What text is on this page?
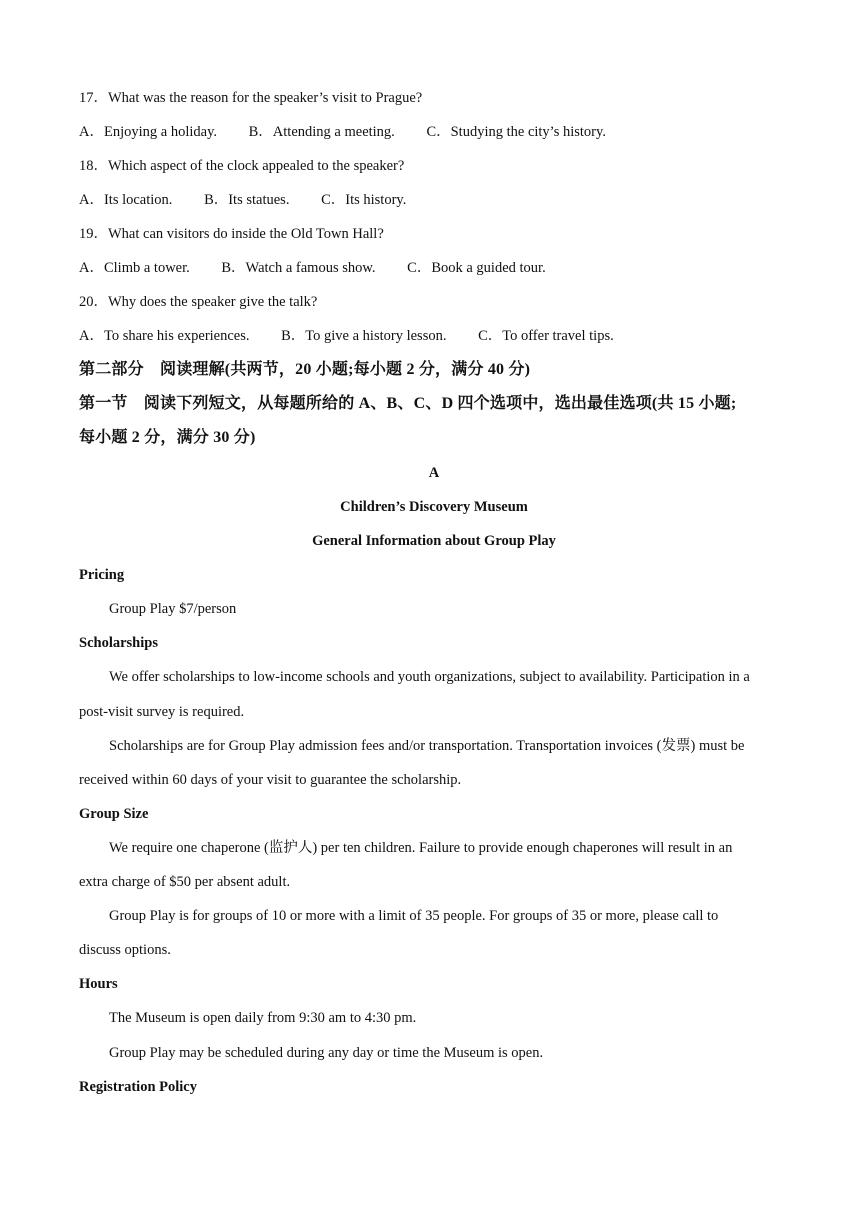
17．What was the reason for the speaker’s visit to Prague?
A．Enjoying a holiday. B．Attending a meeting. C．Studying the city’s history.
18．Which aspect of the clock appealed to the speaker?
A．Its location. B．Its statues. C．Its history.
19．What can visitors do inside the Old Town Hall?
A．Climb a tower. B．Watch a famous show. C．Book a guided tour.
20．Why does the speaker give the talk?
A．To share his experiences. B．To give a history lesson. C．To offer travel tips.
第二部分　阅读理解(共两节，20 小题;每小题 2 分，满分 40 分)
第一节　阅读下列短文，从每题所给的 A、B、C、D 四个选项中，选出最佳选项(共 15 小题;
每小题 2 分，满分 30 分)
A
Children’s Discovery Museum
General Information about Group Play
Pricing
Group Play $7/person
Scholarships
We offer scholarships to low-income schools and youth organizations, subject to availability. Participation in a
post-visit survey is required.
Scholarships are for Group Play admission fees and/or transportation. Transportation invoices (发票) must be
received within 60 days of your visit to guarantee the scholarship.
Group Size
We require one chaperone (监护人) per ten children. Failure to provide enough chaperones will result in an
extra charge of $50 per absent adult.
Group Play is for groups of 10 or more with a limit of 35 people. For groups of 35 or more, please call to
discuss options.
Hours
The Museum is open daily from 9:30 am to 4:30 pm.
Group Play may be scheduled during any day or time the Museum is open.
Registration Policy
